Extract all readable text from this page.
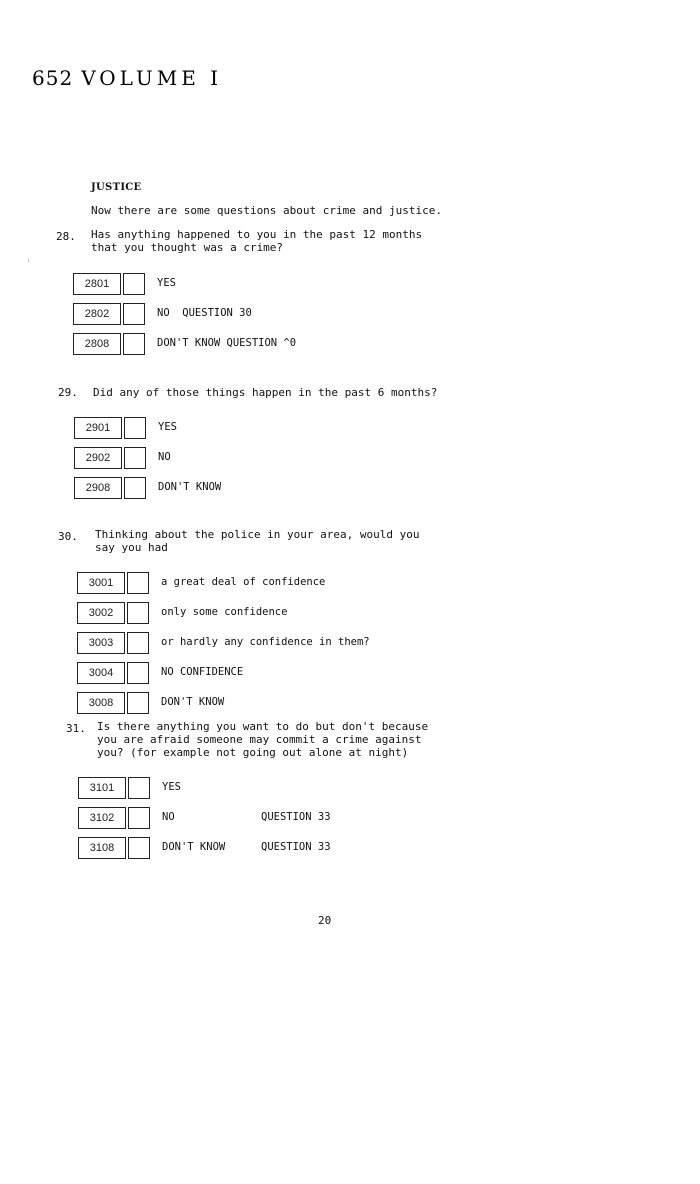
652 VOLUME I
JUSTICE
Now there are some questions about crime and justice.
28. Has anything happened to you in the past 12 months
that you thought was a crime?
2801	YES
2802	NO  QUESTION 30
2808	DON'T KNOW QUESTION ^0
29. Did any of those things happen in the past 6 months?
2901	YES
2902	NO
2908	DON'T KNOW
30. Thinking about the police in your area, would you
say you had
3001	a great deal of confidence
3002	only some confidence
3003	or hardly any confidence in them?
3004	NO CONFIDENCE
3008	DON'T KNOW
31. Is there anything you want to do but don't because
you are afraid someone may commit a crime against
you? (for example not going out alone at night)
3101	YES
3102	NO	QUESTION 33
3108	DON'T KNOW	QUESTION 33
20
